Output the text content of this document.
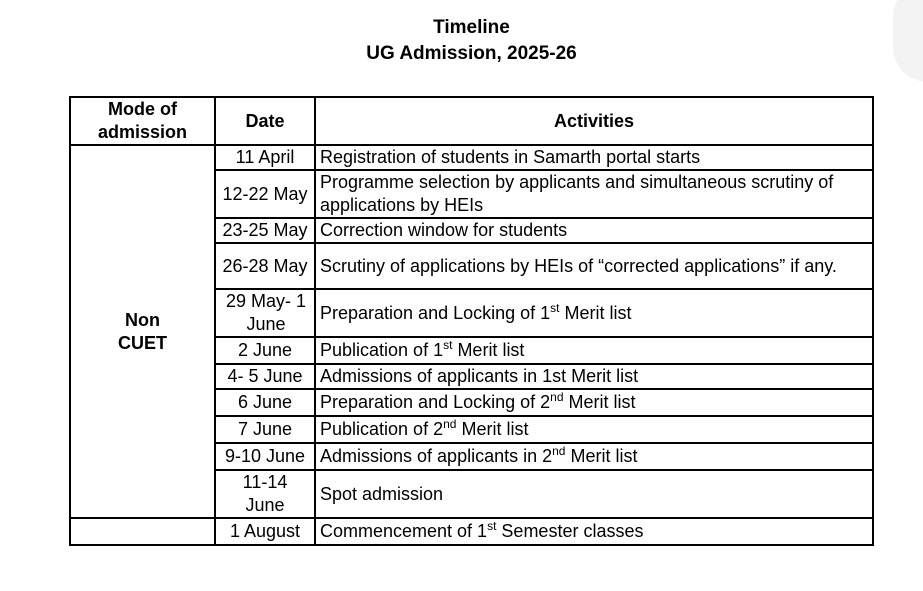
Timeline
UG Admission, 2025-26
Mode of admission	Date	Activities
Non CUET	11 April	Registration of students in Samarth portal starts
	12-22 May	Programme selection by applicants and simultaneous scrutiny of applications by HEIs
	23-25 May	Correction window for students
	26-28 May	Scrutiny of applications by HEIs of “corrected applications” if any.
	29 May- 1 June	Preparation and Locking of 1st Merit list
	2 June	Publication of 1st Merit list
	4- 5 June	Admissions of applicants in 1st Merit list
	6 June	Preparation and Locking of 2nd Merit list
	7 June	Publication of 2nd Merit list
	9-10 June	Admissions of applicants in 2nd Merit list
	11-14 June	Spot admission
	1 August	Commencement of 1st Semester classes
